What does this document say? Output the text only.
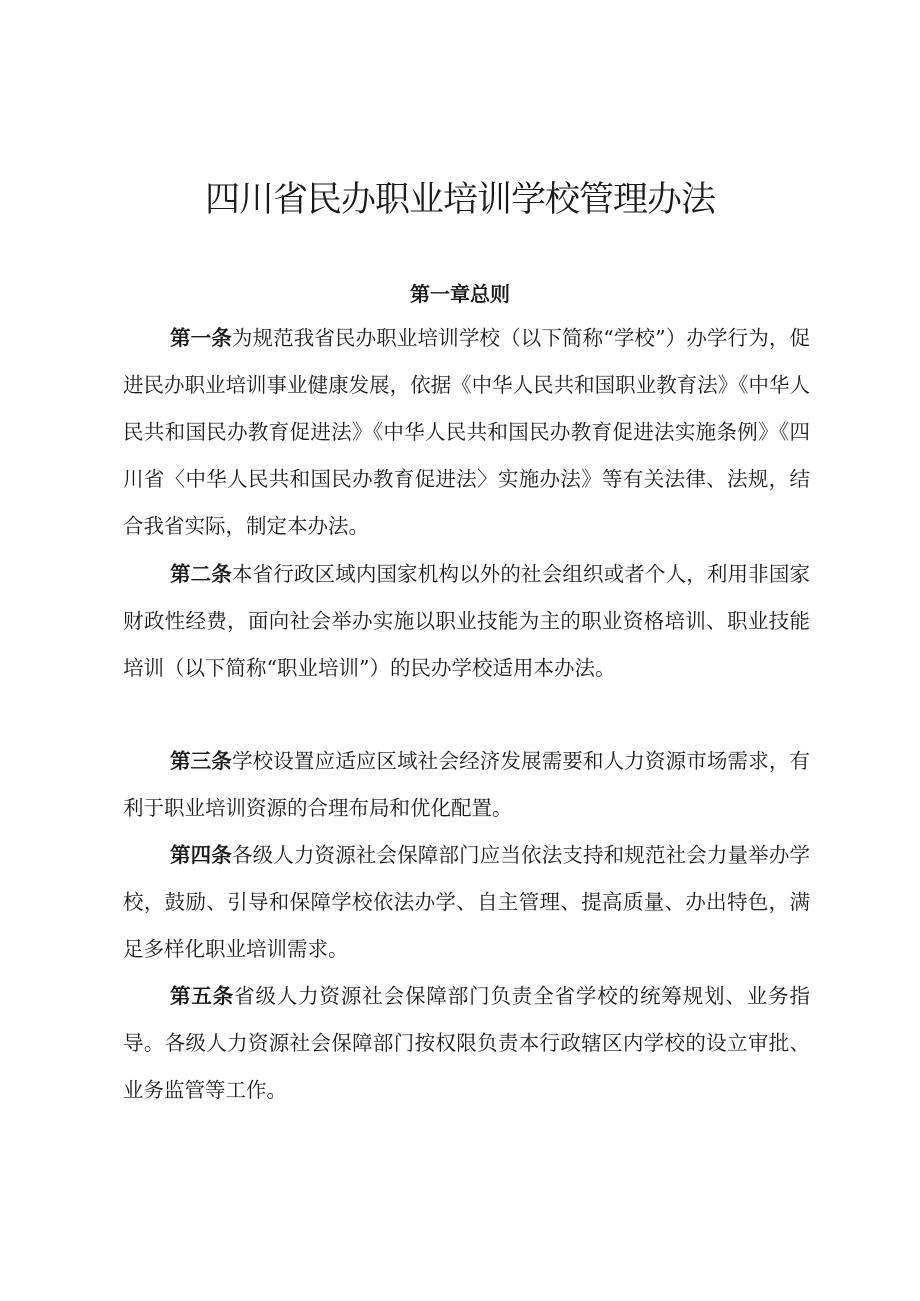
四川省民办职业培训学校管理办法
第一章总则

第一条为规范我省民办职业培训学校（以下简称“学校”）办学行为，促进民办职业培训事业健康发展，依据《中华人民共和国职业教育法》《中华人民共和国民办教育促进法》《中华人民共和国民办教育促进法实施条例》《四川省〈中华人民共和国民办教育促进法〉实施办法》等有关法律、法规，结合我省实际，制定本办法。

第二条本省行政区域内国家机构以外的社会组织或者个人，利用非国家财政性经费，面向社会举办实施以职业技能为主的职业资格培训、职业技能培训（以下简称“职业培训”）的民办学校适用本办法。

第三条学校设置应适应区域社会经济发展需要和人力资源市场需求，有利于职业培训资源的合理布局和优化配置。

第四条各级人力资源社会保障部门应当依法支持和规范社会力量举办学校，鼓励、引导和保障学校依法办学、自主管理、提高质量、办出特色，满足多样化职业培训需求。

第五条省级人力资源社会保障部门负责全省学校的统筹规划、业务指导。各级人力资源社会保障部门按权限负责本行政辖区内学校的设立审批、业务监管等工作。
